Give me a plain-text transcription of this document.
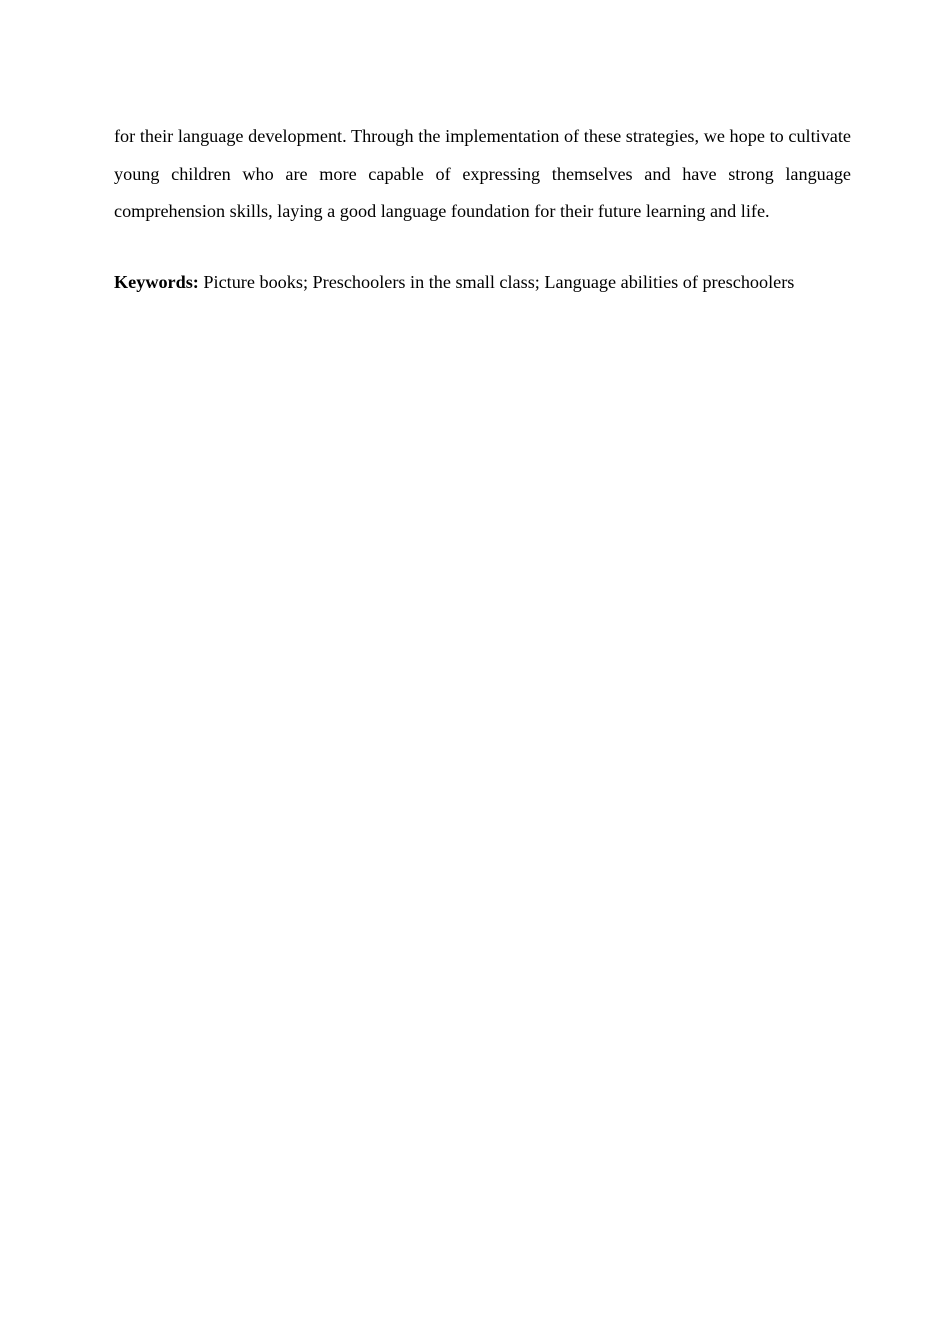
for their language development. Through the implementation of these strategies, we hope to cultivate young children who are more capable of expressing themselves and have strong language comprehension skills, laying a good language foundation for their future learning and life.

Keywords: Picture books; Preschoolers in the small class; Language abilities of preschoolers
